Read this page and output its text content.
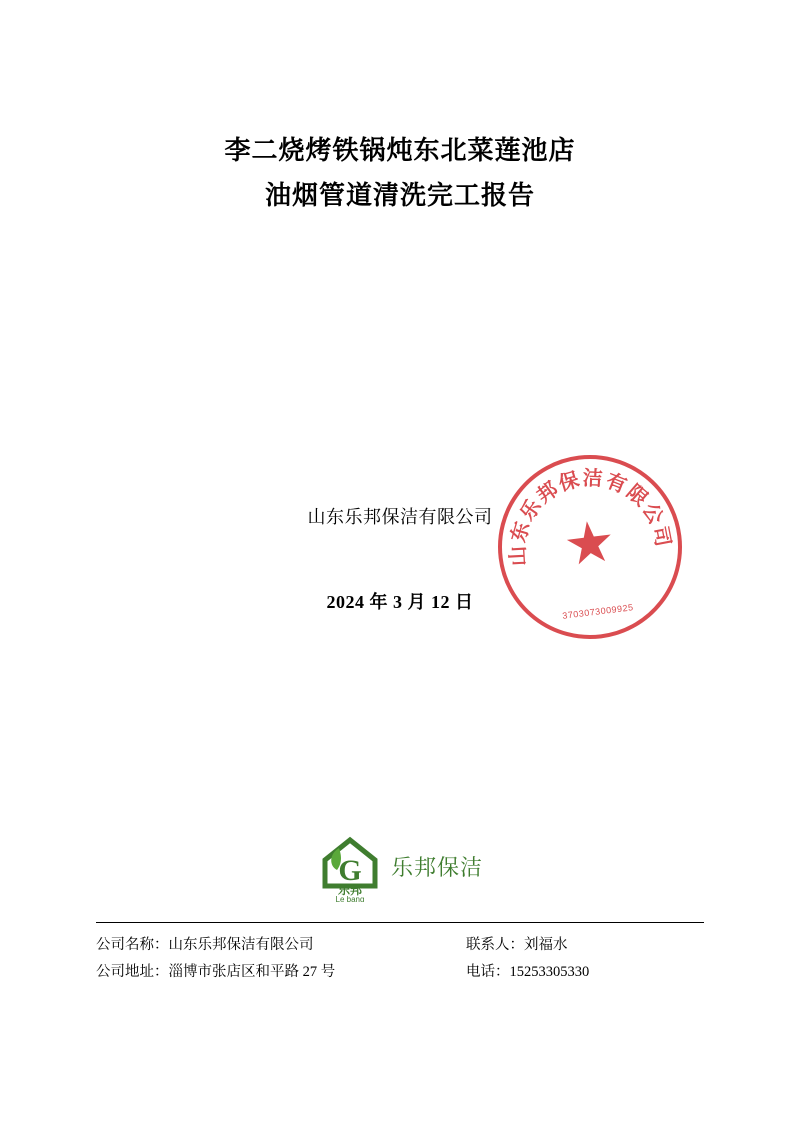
李二烧烤铁锅炖东北菜莲池店
油烟管道清洗完工报告
山东乐邦保洁有限公司
山东乐邦保洁有限公司
3703073009925
2024 年 3 月 12 日
G
乐邦
Le bang
乐邦保洁
公司名称：山东乐邦保洁有限公司	联系人：刘福水
公司地址：淄博市张店区和平路 27 号	电话：15253305330
